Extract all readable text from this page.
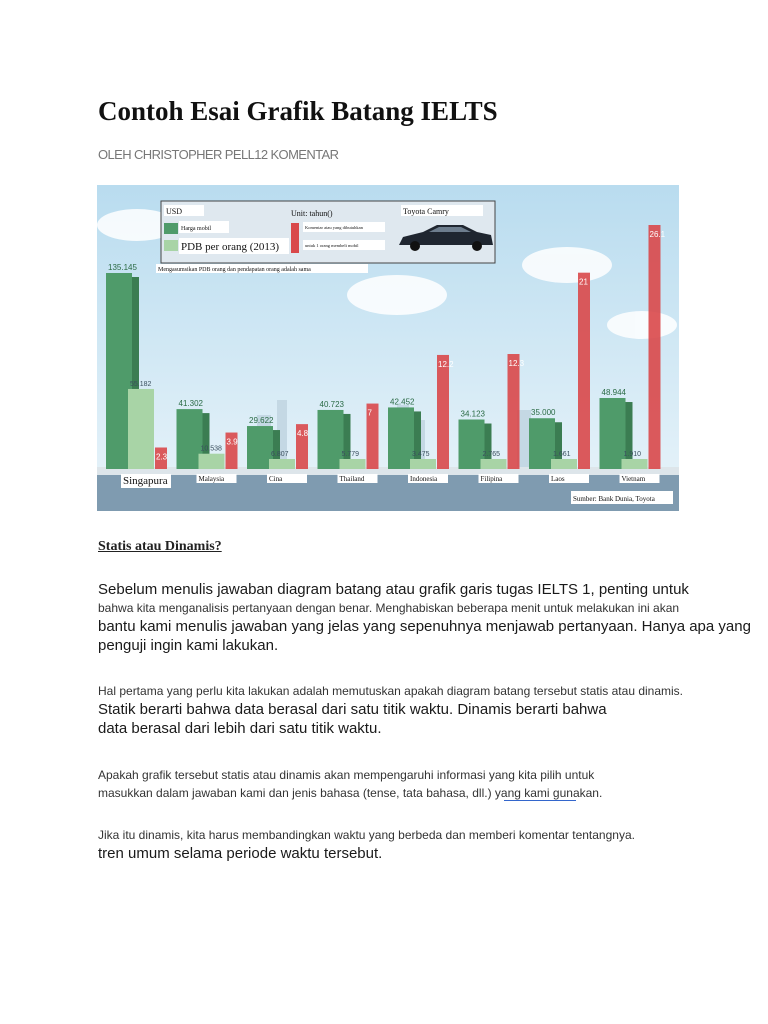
Contoh Esai Grafik Batang IELTS
OLEH CHRISTOPHER PELL12 KOMENTAR
135.145
55.182
2.3
41.302
10.538
3.9
29.622
6.807
4.8
40.723
5.779
7
42.452
3.475
12.2
34.123
2.765
12.3
35.000
1.661
21
48.944
1.910
26.1
Singapura	Malaysia	Cina	Thailand	Indonesia	Filipina	Laos	Vietnam
USD
Harga mobil
PDB per orang (2013)
Unit: tahun()
Komentar atau yang dibutuhkan
untuk 1 orang membeli mobil
Toyota Camry
Mengasumsikan PDB orang dan pendapatan orang adalah sama
Sumber: Bank Dunia, Toyota
Statis atau Dinamis?

Sebelum menulis jawaban diagram batang atau grafik garis tugas IELTS 1, penting untuk
bahwa kita menganalisis pertanyaan dengan benar. Menghabiskan beberapa menit untuk melakukan ini akan
bantu kami menulis jawaban yang jelas yang sepenuhnya menjawab pertanyaan. Hanya apa yang
penguji ingin kami lakukan.

Hal pertama yang perlu kita lakukan adalah memutuskan apakah diagram batang tersebut statis atau dinamis.
Statik berarti bahwa data berasal dari satu titik waktu. Dinamis berarti bahwa
data berasal dari lebih dari satu titik waktu.

Apakah grafik tersebut statis atau dinamis akan mempengaruhi informasi yang kita pilih untuk
masukkan dalam jawaban kami dan jenis bahasa (tense, tata bahasa, dll.) yang kami gunakan.

Jika itu dinamis, kita harus membandingkan waktu yang berbeda dan memberi komentar tentangnya.
tren umum selama periode waktu tersebut.
